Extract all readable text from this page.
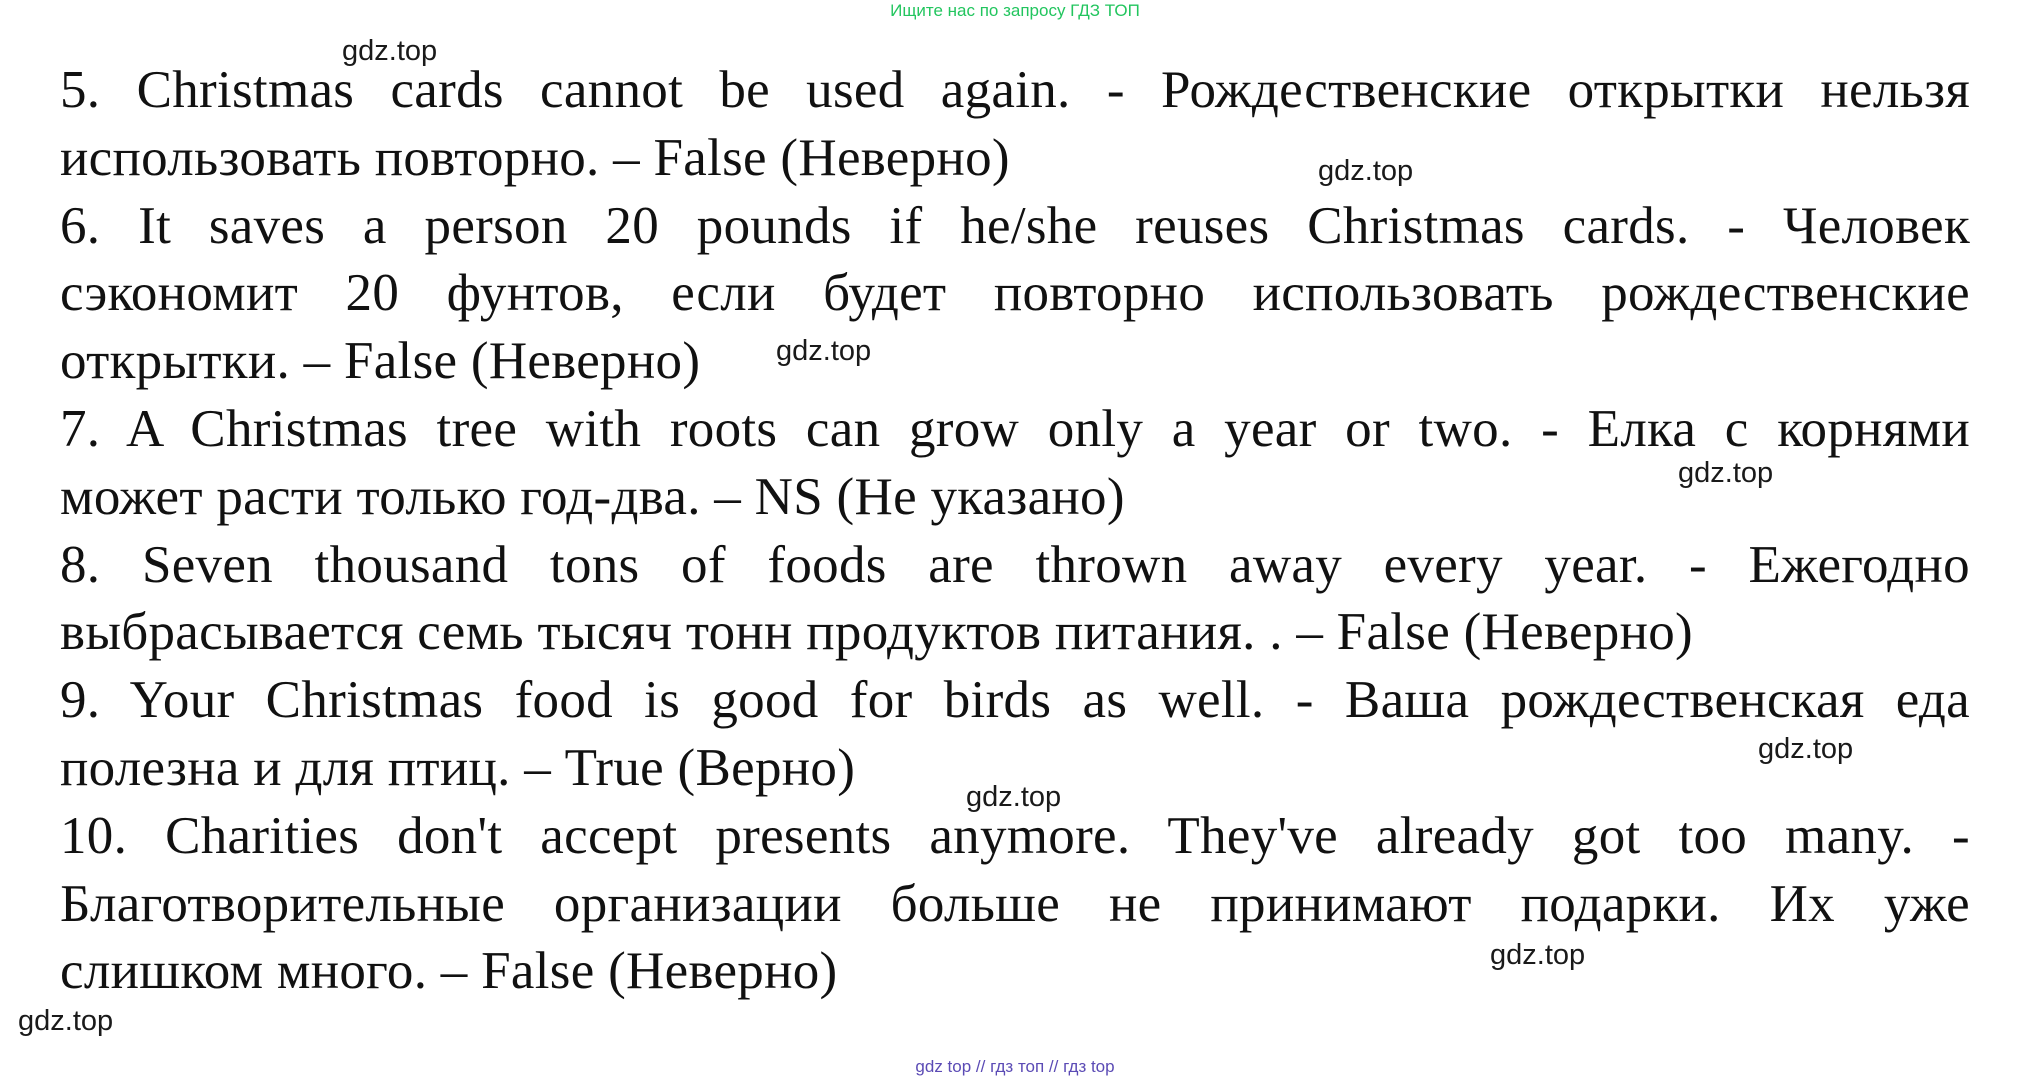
Ищите нас по запросу ГДЗ ТОП
5. Christmas cards cannot be used again. - Рождественские открытки нельзя
использовать повторно. – False (Неверно)
6. It saves a person 20 pounds if he/she reuses Christmas cards. - Человек
сэкономит 20 фунтов, если будет повторно использовать рождественские
открытки. – False (Неверно)
7. A Christmas tree with roots can grow only a year or two. - Елка с корнями
может расти только год-два. – NS (Не указано)
8. Seven thousand tons of foods are thrown away every year. - Ежегодно
выбрасывается семь тысяч тонн продуктов питания. . – False (Неверно)
9. Your Christmas food is good for birds as well. - Ваша рождественская еда
полезна и для птиц. – True (Верно)
10. Charities don't accept presents anymore. They've already got too many. -
Благотворительные организации больше не принимают подарки. Их уже
слишком много. – False (Неверно)
gdz.top
gdz.top
gdz.top
gdz.top
gdz.top
gdz.top
gdz.top
gdz.top
gdz top // гдз топ // гдз top
